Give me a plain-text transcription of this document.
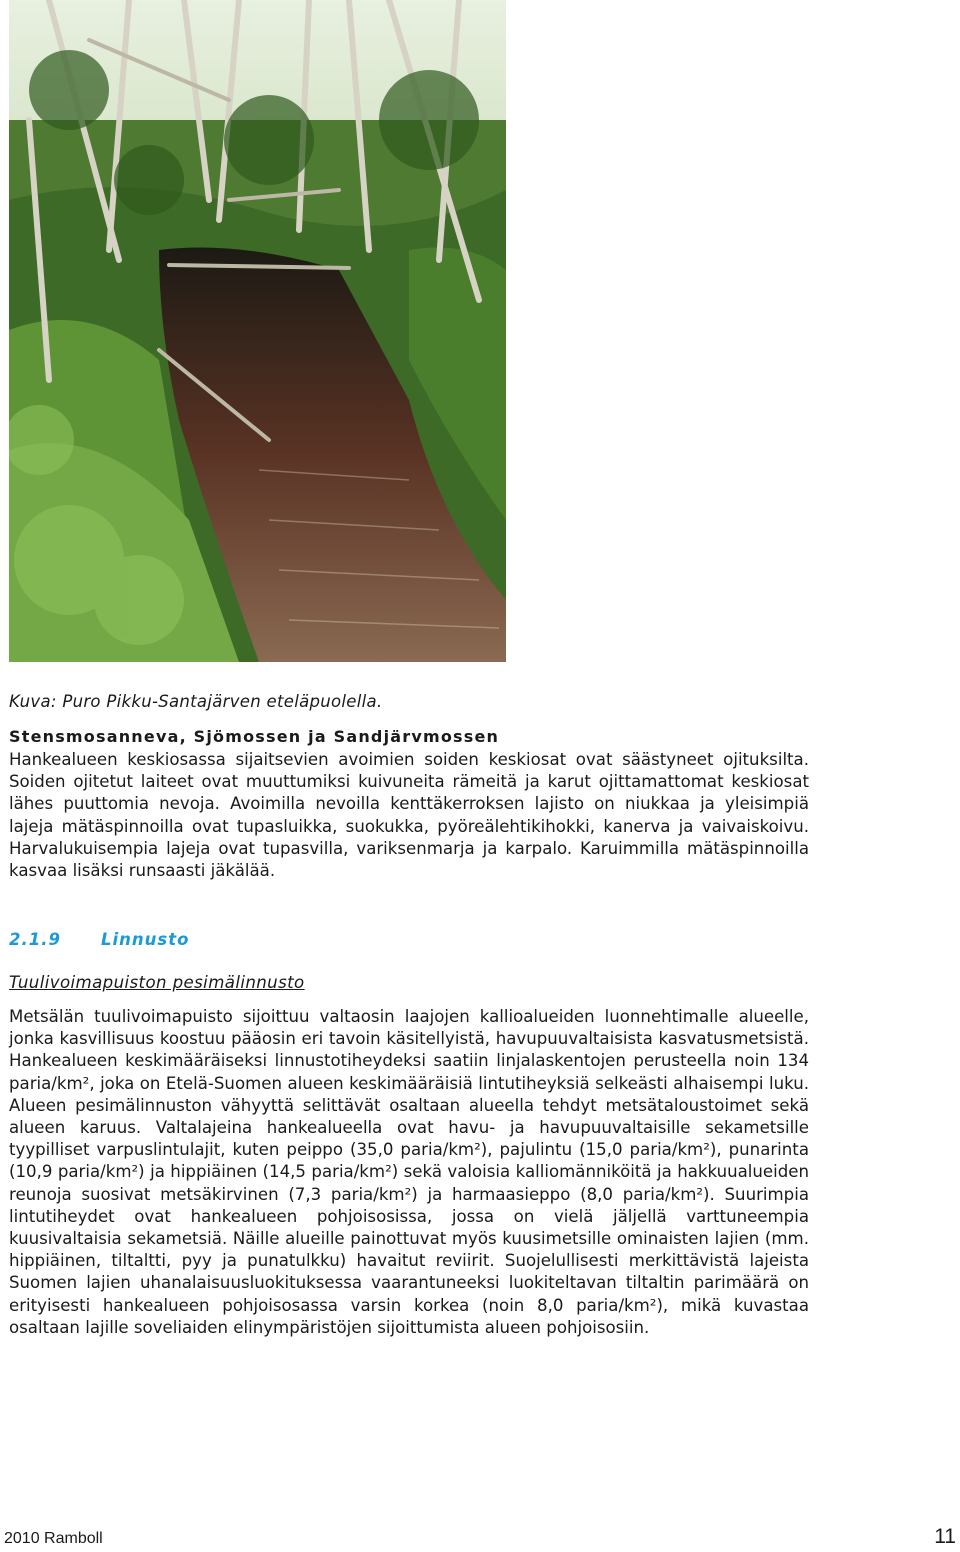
Kuva: Puro Pikku-Santajärven eteläpuolella.
Stensmosanneva, Sjömossen ja Sandjärvmossen
Hankealueen keskiosassa sijaitsevien avoimien soiden keskiosat ovat säästyneet ojituksilta. Soiden ojitetut laiteet ovat muuttumiksi kuivuneita rämeitä ja karut ojittamattomat keskiosat lähes puuttomia nevoja. Avoimilla nevoilla kenttäkerroksen lajisto on niukkaa ja yleisimpiä lajeja mätäspinnoilla ovat tupasluikka, suokukka, pyöreälehtikihokki, kanerva ja vaivaiskoivu. Harvalukuisempia lajeja ovat tupasvilla, variksenmarja ja karpalo. Karuimmilla mätäspinnoilla kasvaa lisäksi runsaasti jäkälää.
2.1.9 Linnusto
Tuulivoimapuiston pesimälinnusto
Metsälän tuulivoimapuisto sijoittuu valtaosin laajojen kallioalueiden luonnehtimalle alueelle, jonka kasvillisuus koostuu pääosin eri tavoin käsitellyistä, havupuuvaltaisista kasvatusmetsistä. Hankealueen keskimääräiseksi linnustotiheydeksi saatiin linjalaskentojen perusteella noin 134 paria/km², joka on Etelä-Suomen alueen keskimääräisiä lintutiheyksiä selkeästi alhaisempi luku. Alueen pesimälinnuston vähyyttä selittävät osaltaan alueella tehdyt metsätaloustoimet sekä alueen karuus. Valtalajeina hankealueella ovat havu- ja havupuuvaltaisille sekametsille tyypilliset varpuslintulajit, kuten peippo (35,0 paria/km²), pajulintu (15,0 paria/km²), punarinta (10,9 paria/km²) ja hippiäinen (14,5 paria/km²) sekä valoisia kalliomänniköitä ja hakkuualueiden reunoja suosivat metsäkirvinen (7,3 paria/km²) ja harmaasieppo (8,0 paria/km²). Suurimpia lintutiheydet ovat hankealueen pohjoisosissa, jossa on vielä jäljellä varttuneempia kuusivaltaisia sekametsiä. Näille alueille painottuvat myös kuusimetsille ominaisten lajien (mm. hippiäinen, tiltaltti, pyy ja punatulkku) havaitut reviirit. Suojelullisesti merkittävistä lajeista Suomen lajien uhanalaisuusluokituksessa vaarantuneeksi luokiteltavan tiltaltin parimäärä on erityisesti hankealueen pohjoisosassa varsin korkea (noin 8,0 paria/km²), mikä kuvastaa osaltaan lajille soveliaiden elinympäristöjen sijoittumista alueen pohjoisosiin.
2010 Ramboll	11
